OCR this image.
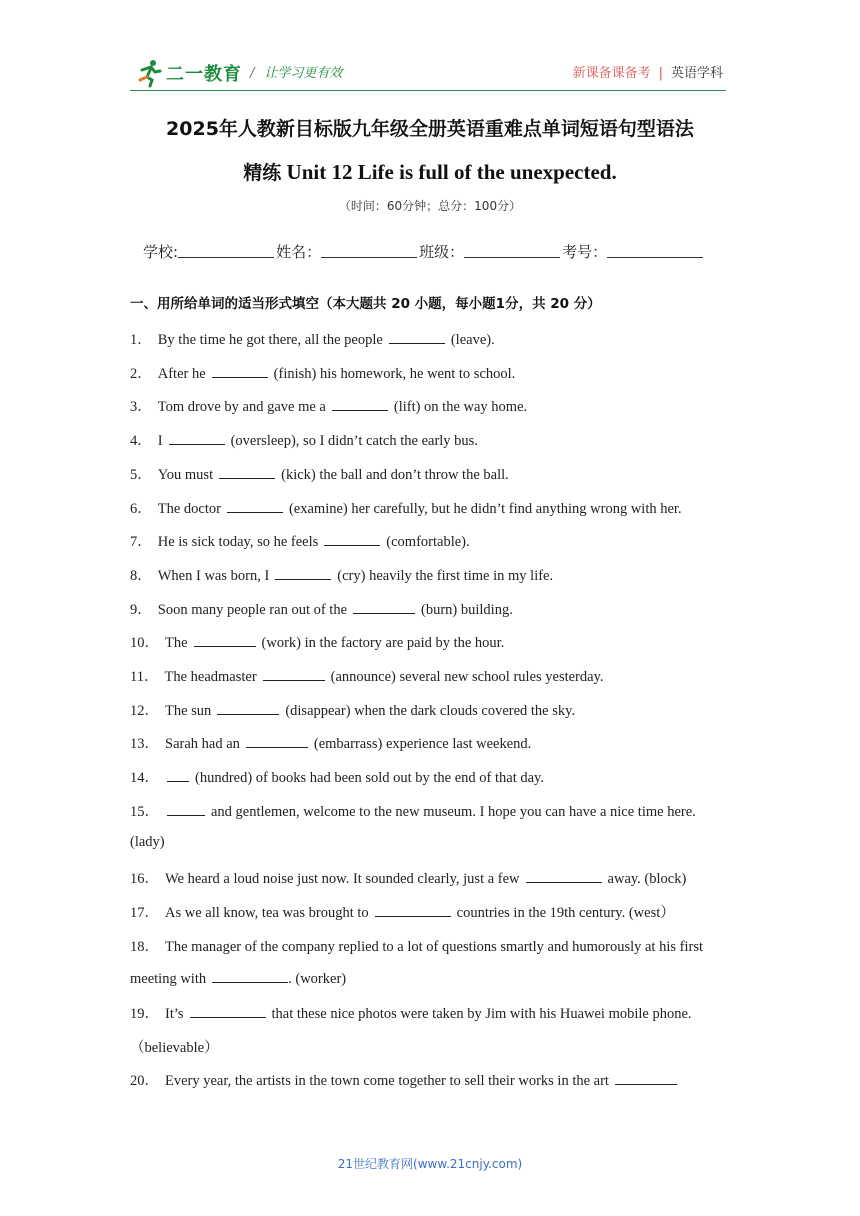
二一教育 / 让学习更有效	新课备课备考 | 英语学科
2025年人教新目标版九年级全册英语重难点单词短语句型语法
精练 Unit 12 Life is full of the unexpected.
（时间：60分钟；总分：100分）
学校:	姓名：	班级：	考号：
一、用所给单词的适当形式填空（本大题共 20 小题，每小题1分，共 20 分）
1． By the time he got there, all the people	(leave).
2． After he	(finish) his homework, he went to school.
3． Tom drove by and gave me a	(lift) on the way home.
4． I	(oversleep), so I didn’t catch the early bus.
5． You must	(kick) the ball and don’t throw the ball.
6． The doctor	(examine) her carefully, but he didn’t find anything wrong with her.
7． He is sick today, so he feels	(comfortable).
8． When I was born, I	(cry) heavily the first time in my life.
9． Soon many people ran out of the	(burn) building.
10． The	(work) in the factory are paid by the hour.
11． The headmaster	(announce) several new school rules yesterday.
12． The sun	(disappear) when the dark clouds covered the sky.
13． Sarah had an	(embarrass) experience last weekend.
14． (hundred) of books had been sold out by the end of that day.
15．	and gentlemen, welcome to the new museum. I hope you can have a nice time here.
(lady)
16． We heard a loud noise just now. It sounded clearly, just a few	away. (block)
17． As we all know, tea was brought to	countries in the 19th century. (west）
18． The manager of the company replied to a lot of questions smartly and humorously at his first
meeting with	. (worker)
19． It’s	that these nice photos were taken by Jim with his Huawei mobile phone.
（believable）
20． Every year, the artists in the town come together to sell their works in the art
21世纪教育网(www.21cnjy.com)
